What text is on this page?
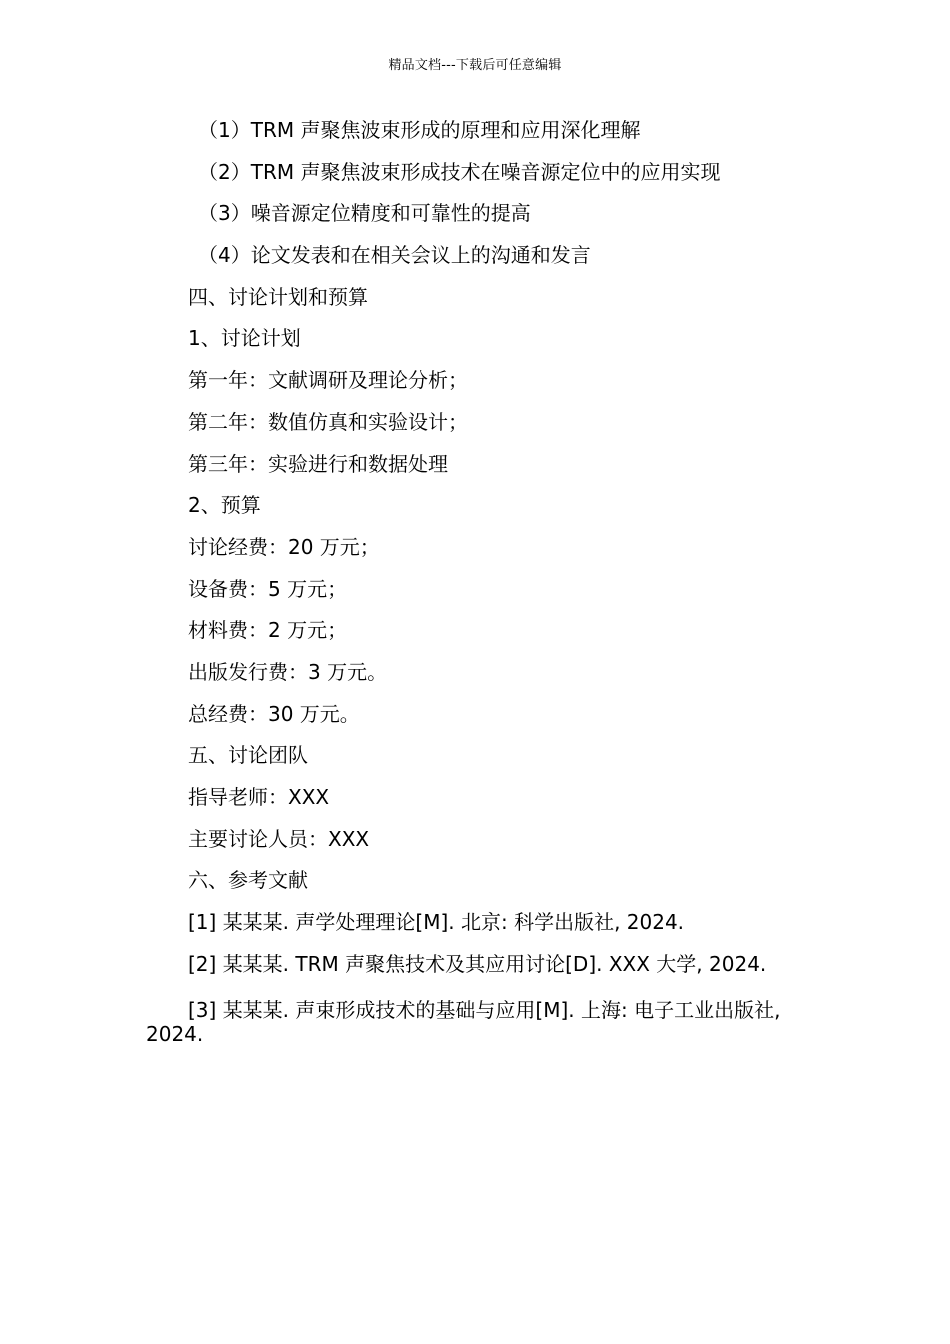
精品文档---下载后可任意编辑
（1）TRM 声聚焦波束形成的原理和应用深化理解
（2）TRM 声聚焦波束形成技术在噪音源定位中的应用实现
（3）噪音源定位精度和可靠性的提高
（4）论文发表和在相关会议上的沟通和发言
四、讨论计划和预算
1、讨论计划
第一年：文献调研及理论分析；
第二年：数值仿真和实验设计；
第三年：实验进行和数据处理
2、预算
讨论经费：20 万元；
设备费：5 万元；
材料费：2 万元；
出版发行费：3 万元。
总经费：30 万元。
五、讨论团队
指导老师：XXX
主要讨论人员：XXX
六、参考文献
[1] 某某某. 声学处理理论[M]. 北京: 科学出版社, 2024.
[2] 某某某. TRM 声聚焦技术及其应用讨论[D]. XXX 大学, 2024.
[3] 某某某. 声束形成技术的基础与应用[M]. 上海: 电子工业出版社, 2024.
